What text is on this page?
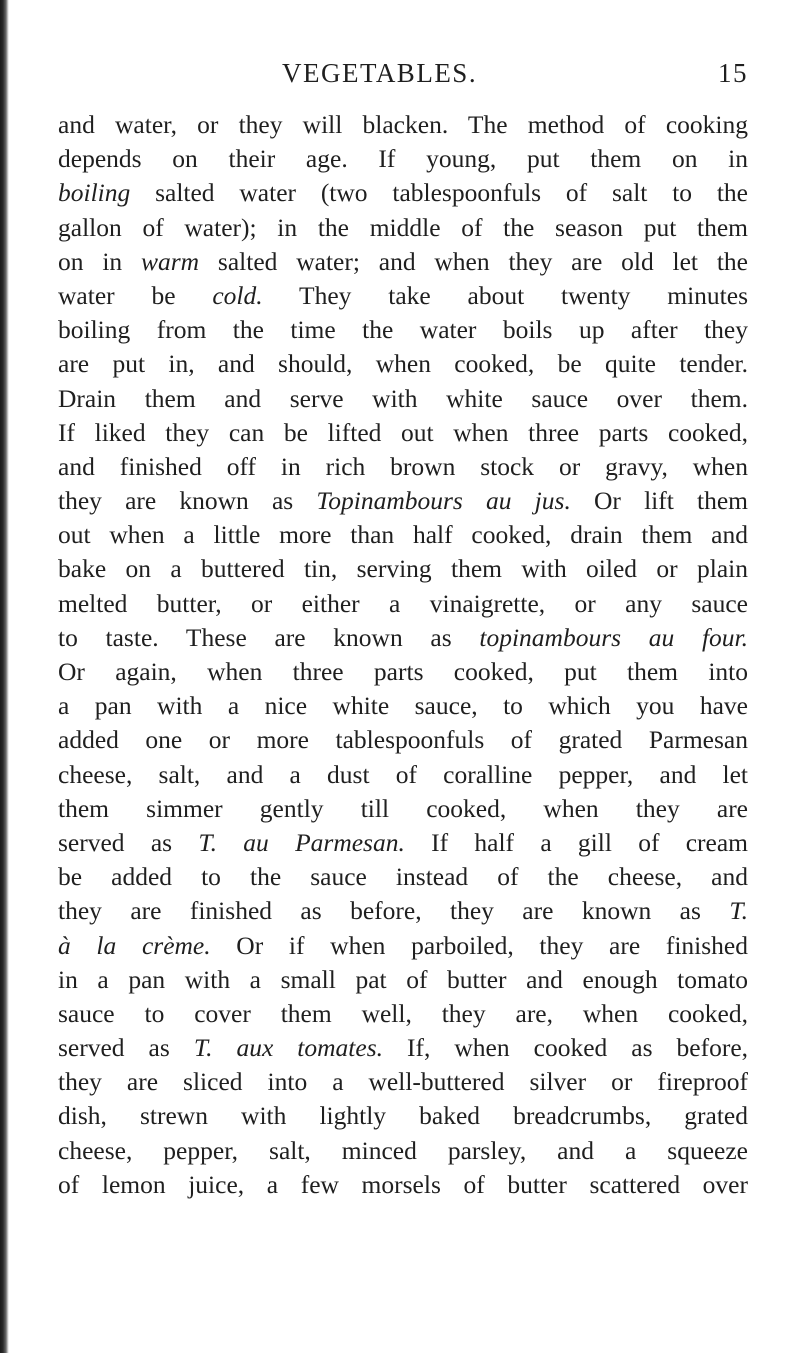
VEGETABLES.	15
and water, or they will blacken. The method of cooking
depends on their age. If young, put them on in
boiling salted water (two tablespoonfuls of salt to the
gallon of water); in the middle of the season put them
on in warm salted water; and when they are old let the
water be cold. They take about twenty minutes
boiling from the time the water boils up after they
are put in, and should, when cooked, be quite tender.
Drain them and serve with white sauce over them.
If liked they can be lifted out when three parts cooked,
and finished off in rich brown stock or gravy, when
they are known as Topinambours au jus. Or lift them
out when a little more than half cooked, drain them and
bake on a buttered tin, serving them with oiled or plain
melted butter, or either a vinaigrette, or any sauce
to taste. These are known as topinambours au four.
Or again, when three parts cooked, put them into
a pan with a nice white sauce, to which you have
added one or more tablespoonfuls of grated Parmesan
cheese, salt, and a dust of coralline pepper, and let
them simmer gently till cooked, when they are
served as T. au Parmesan. If half a gill of cream
be added to the sauce instead of the cheese, and
they are finished as before, they are known as T.
à la crème. Or if when parboiled, they are finished
in a pan with a small pat of butter and enough tomato
sauce to cover them well, they are, when cooked,
served as T. aux tomates. If, when cooked as before,
they are sliced into a well-buttered silver or fireproof
dish, strewn with lightly baked breadcrumbs, grated
cheese, pepper, salt, minced parsley, and a squeeze
of lemon juice, a few morsels of butter scattered over
